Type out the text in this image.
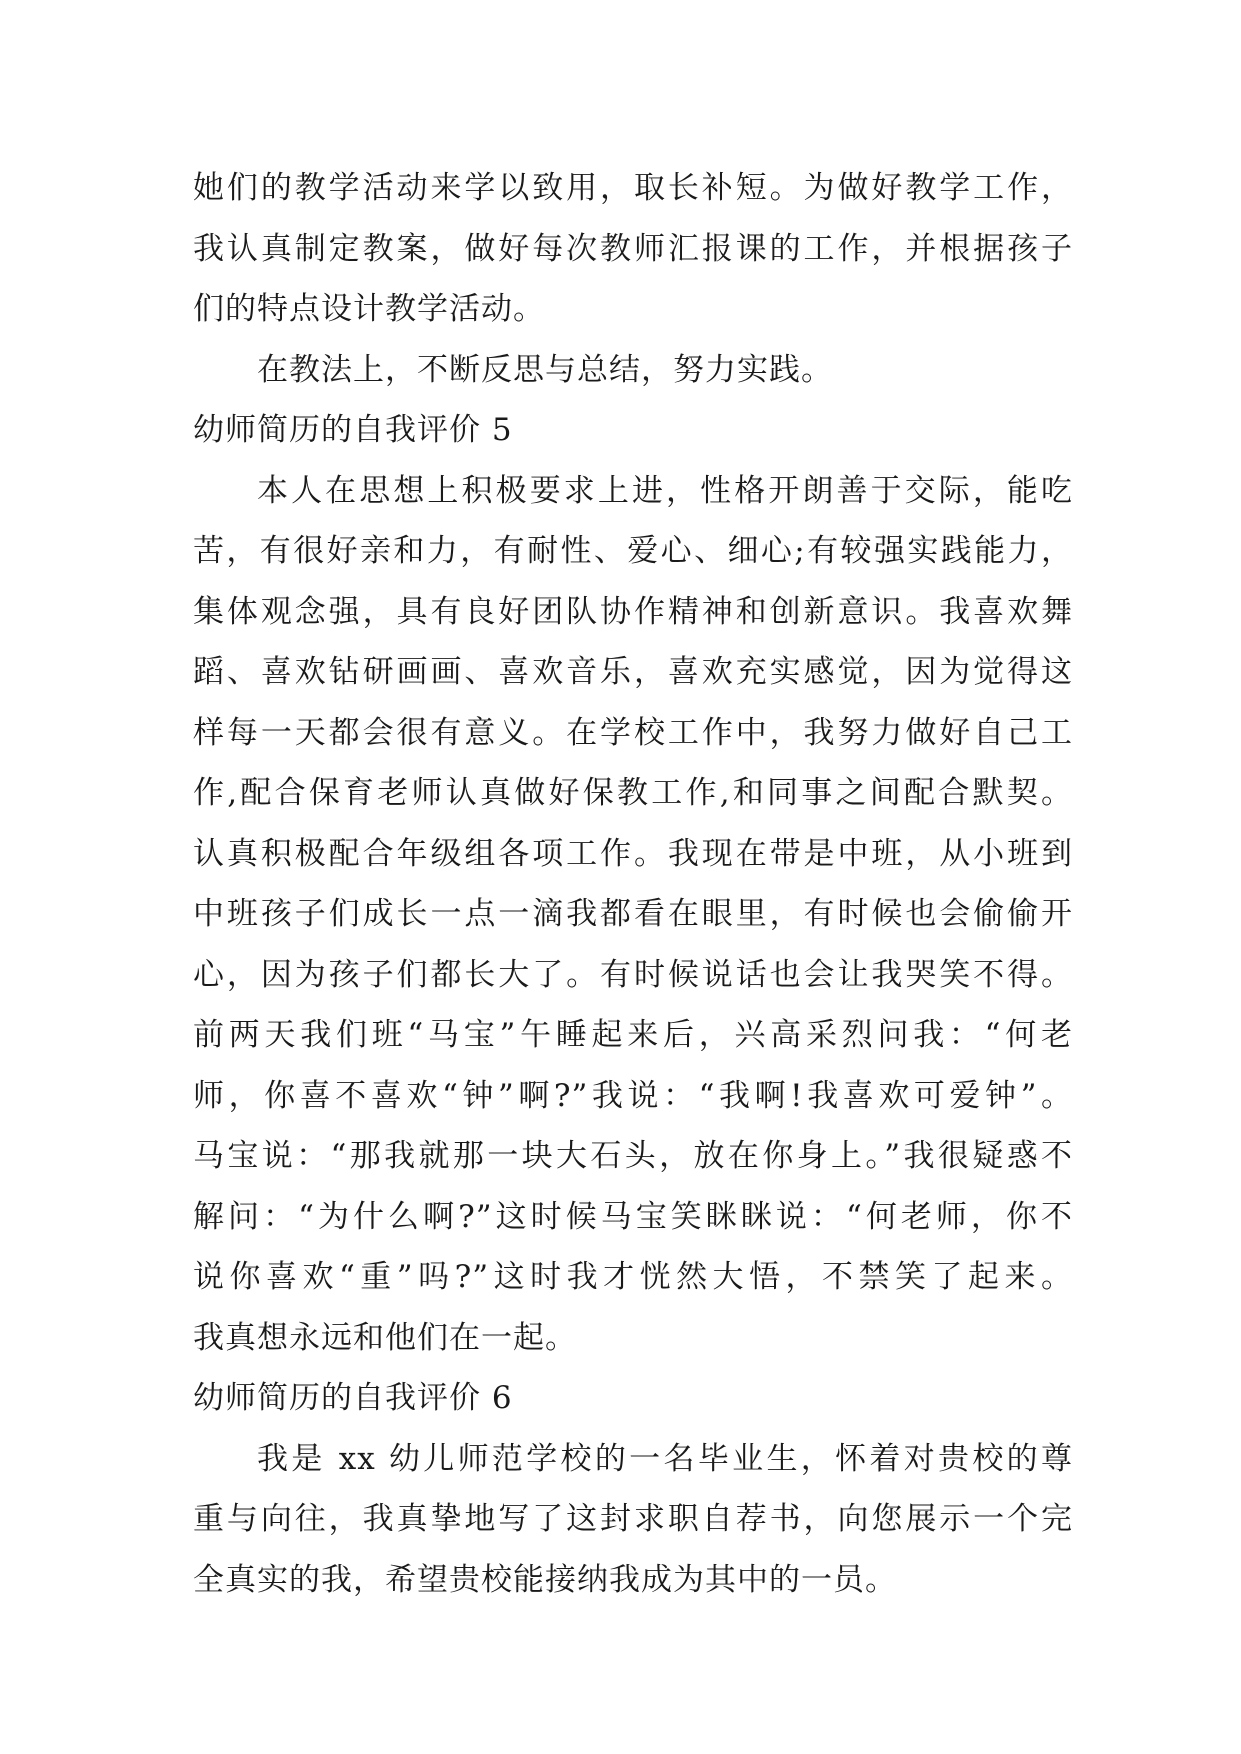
她们的教学活动来学以致用，取长补短。为做好教学工作，
我认真制定教案，做好每次教师汇报课的工作，并根据孩子
们的特点设计教学活动。
在教法上，不断反思与总结，努力实践。
幼师简历的自我评价 5
本人在思想上积极要求上进，性格开朗善于交际，能吃
苦，有很好亲和力，有耐性、爱心、细心;有较强实践能力，
集体观念强，具有良好团队协作精神和创新意识。我喜欢舞
蹈、喜欢钻研画画、喜欢音乐，喜欢充实感觉，因为觉得这
样每一天都会很有意义。在学校工作中，我努力做好自己工
作,配合保育老师认真做好保教工作,和同事之间配合默契。
认真积极配合年级组各项工作。我现在带是中班，从小班到
中班孩子们成长一点一滴我都看在眼里，有时候也会偷偷开
心，因为孩子们都长大了。有时候说话也会让我哭笑不得。
前两天我们班“马宝”午睡起来后，兴高采烈问我：“何老
师，你喜不喜欢“钟”啊?”我说：“我啊!我喜欢可爱钟”。
马宝说：“那我就那一块大石头，放在你身上。”我很疑惑不
解问：“为什么啊?”这时候马宝笑眯眯说：“何老师，你不
说你喜欢“重”吗?”这时我才恍然大悟，不禁笑了起来。
我真想永远和他们在一起。
幼师简历的自我评价 6
我是 xx 幼儿师范学校的一名毕业生，怀着对贵校的尊
重与向往，我真挚地写了这封求职自荐书，向您展示一个完
全真实的我，希望贵校能接纳我成为其中的一员。
